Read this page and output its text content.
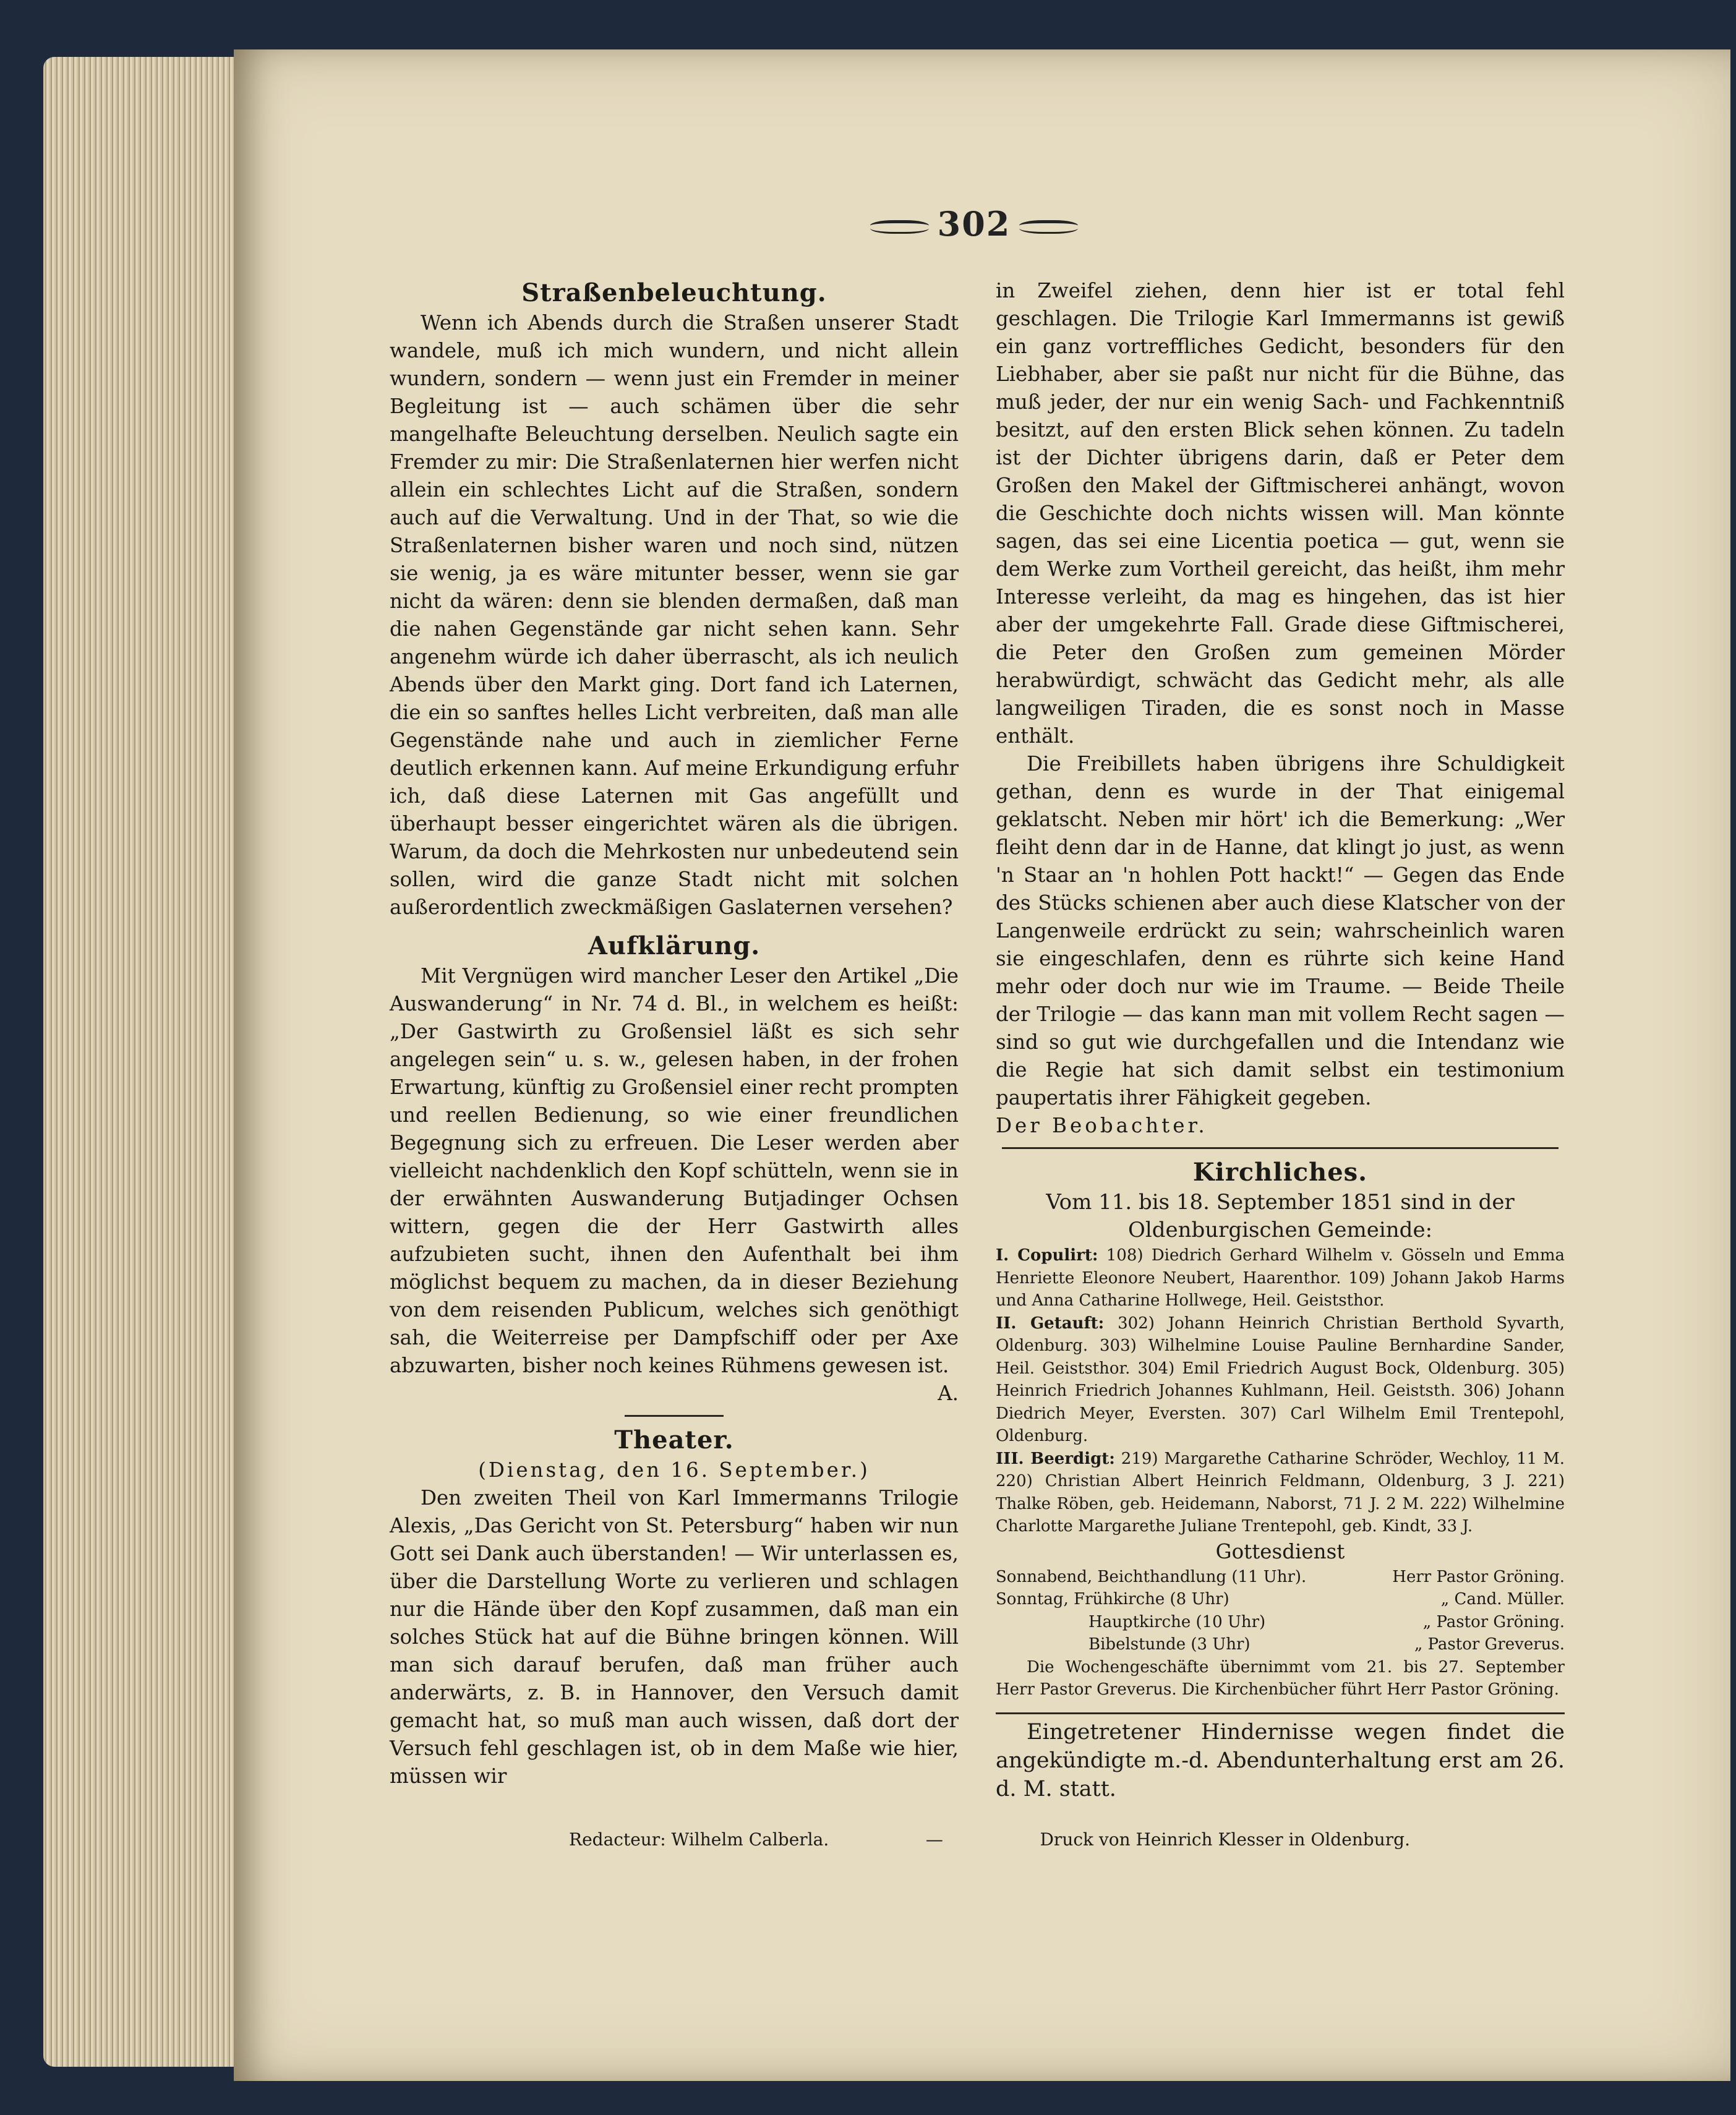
302
Straßenbeleuchtung.

Wenn ich Abends durch die Straßen unserer Stadt wandele, muß ich mich wundern, und nicht allein wundern, sondern — wenn just ein Fremder in meiner Begleitung ist — auch schämen über die sehr mangelhafte Beleuchtung derselben. Neulich sagte ein Fremder zu mir: Die Straßenlaternen hier werfen nicht allein ein schlechtes Licht auf die Straßen, sondern auch auf die Verwaltung. Und in der That, so wie die Straßenlaternen bisher waren und noch sind, nützen sie wenig, ja es wäre mitunter besser, wenn sie gar nicht da wären: denn sie blenden dermaßen, daß man die nahen Gegenstände gar nicht sehen kann. Sehr angenehm würde ich daher überrascht, als ich neulich Abends über den Markt ging. Dort fand ich Laternen, die ein so sanftes helles Licht verbreiten, daß man alle Gegenstände nahe und auch in ziemlicher Ferne deutlich erkennen kann. Auf meine Erkundigung erfuhr ich, daß diese Laternen mit Gas angefüllt und überhaupt besser eingerichtet wären als die übrigen. Warum, da doch die Mehrkosten nur unbedeutend sein sollen, wird die ganze Stadt nicht mit solchen außerordentlich zweckmäßigen Gaslaternen versehen?

Aufklärung.

Mit Vergnügen wird mancher Leser den Artikel „Die Auswanderung“ in Nr. 74 d. Bl., in welchem es heißt: „Der Gastwirth zu Großensiel läßt es sich sehr angelegen sein“ u. s. w., gelesen haben, in der frohen Erwartung, künftig zu Großensiel einer recht prompten und reellen Bedienung, so wie einer freundlichen Begegnung sich zu erfreuen. Die Leser werden aber vielleicht nachdenklich den Kopf schütteln, wenn sie in der erwähnten Auswanderung Butjadinger Ochsen wittern, gegen die der Herr Gastwirth alles aufzubieten sucht, ihnen den Aufenthalt bei ihm möglichst bequem zu machen, da in dieser Beziehung von dem reisenden Publicum, welches sich genöthigt sah, die Weiterreise per Dampfschiff oder per Axe abzuwarten, bisher noch keines Rühmens gewesen ist.

A.

Theater.

(Dienstag, den 16. September.)

Den zweiten Theil von Karl Immermanns Trilogie Alexis, „Das Gericht von St. Petersburg“ haben wir nun Gott sei Dank auch überstanden! — Wir unterlassen es, über die Darstellung Worte zu verlieren und schlagen nur die Hände über den Kopf zusammen, daß man ein solches Stück hat auf die Bühne bringen können. Will man sich darauf berufen, daß man früher auch anderwärts, z. B. in Hannover, den Versuch damit gemacht hat, so muß man auch wissen, daß dort der Versuch fehl geschlagen ist, ob in dem Maße wie hier, müssen wir

in Zweifel ziehen, denn hier ist er total fehl geschlagen. Die Trilogie Karl Immermanns ist gewiß ein ganz vortreffliches Gedicht, besonders für den Liebhaber, aber sie paßt nur nicht für die Bühne, das muß jeder, der nur ein wenig Sach- und Fachkenntniß besitzt, auf den ersten Blick sehen können. Zu tadeln ist der Dichter übrigens darin, daß er Peter dem Großen den Makel der Giftmischerei anhängt, wovon die Geschichte doch nichts wissen will. Man könnte sagen, das sei eine Licentia poetica — gut, wenn sie dem Werke zum Vortheil gereicht, das heißt, ihm mehr Interesse verleiht, da mag es hingehen, das ist hier aber der umgekehrte Fall. Grade diese Giftmischerei, die Peter den Großen zum gemeinen Mörder herabwürdigt, schwächt das Gedicht mehr, als alle langweiligen Tiraden, die es sonst noch in Masse enthält.

Die Freibillets haben übrigens ihre Schuldigkeit gethan, denn es wurde in der That einigemal geklatscht. Neben mir hört' ich die Bemerkung: „Wer fleiht denn dar in de Hanne, dat klingt jo just, as wenn 'n Staar an 'n hohlen Pott hackt!“ — Gegen das Ende des Stücks schienen aber auch diese Klatscher von der Langenweile erdrückt zu sein; wahrscheinlich waren sie eingeschlafen, denn es rührte sich keine Hand mehr oder doch nur wie im Traume. — Beide Theile der Trilogie — das kann man mit vollem Recht sagen — sind so gut wie durchgefallen und die Intendanz wie die Regie hat sich damit selbst ein testimonium paupertatis ihrer Fähigkeit gegeben.

Der Beobachter.

Kirchliches.

Vom 11. bis 18. September 1851 sind in der Oldenburgischen Gemeinde:

I. Copulirt: 108) Diedrich Gerhard Wilhelm v. Gösseln und Emma Henriette Eleonore Neubert, Haarenthor. 109) Johann Jakob Harms und Anna Catharine Hollwege, Heil. Geiststhor.

II. Getauft: 302) Johann Heinrich Christian Berthold Syvarth, Oldenburg. 303) Wilhelmine Louise Pauline Bernhardine Sander, Heil. Geiststhor. 304) Emil Friedrich August Bock, Oldenburg. 305) Heinrich Friedrich Johannes Kuhlmann, Heil. Geiststh. 306) Johann Diedrich Meyer, Eversten. 307) Carl Wilhelm Emil Trentepohl, Oldenburg.

III. Beerdigt: 219) Margarethe Catharine Schröder, Wechloy, 11 M. 220) Christian Albert Heinrich Feldmann, Oldenburg, 3 J. 221) Thalke Röben, geb. Heidemann, Naborst, 71 J. 2 M. 222) Wilhelmine Charlotte Margarethe Juliane Trentepohl, geb. Kindt, 33 J.

Gottesdienst

Sonnabend, Beichthandlung (11 Uhr).	Herr Pastor Gröning.
Sonntag, Frühkirche (8 Uhr)	„ Cand. Müller.
Hauptkirche (10 Uhr)	„ Pastor Gröning.
Bibelstunde (3 Uhr)	„ Pastor Greverus.

Die Wochengeschäfte übernimmt vom 21. bis 27. September Herr Pastor Greverus. Die Kirchenbücher führt Herr Pastor Gröning.

Eingetretener Hindernisse wegen findet die angekündigte m.-d. Abendunterhaltung erst am 26. d. M. statt.

Redacteur: Wilhelm Calberla.	—	Druck von Heinrich Klesser in Oldenburg.
